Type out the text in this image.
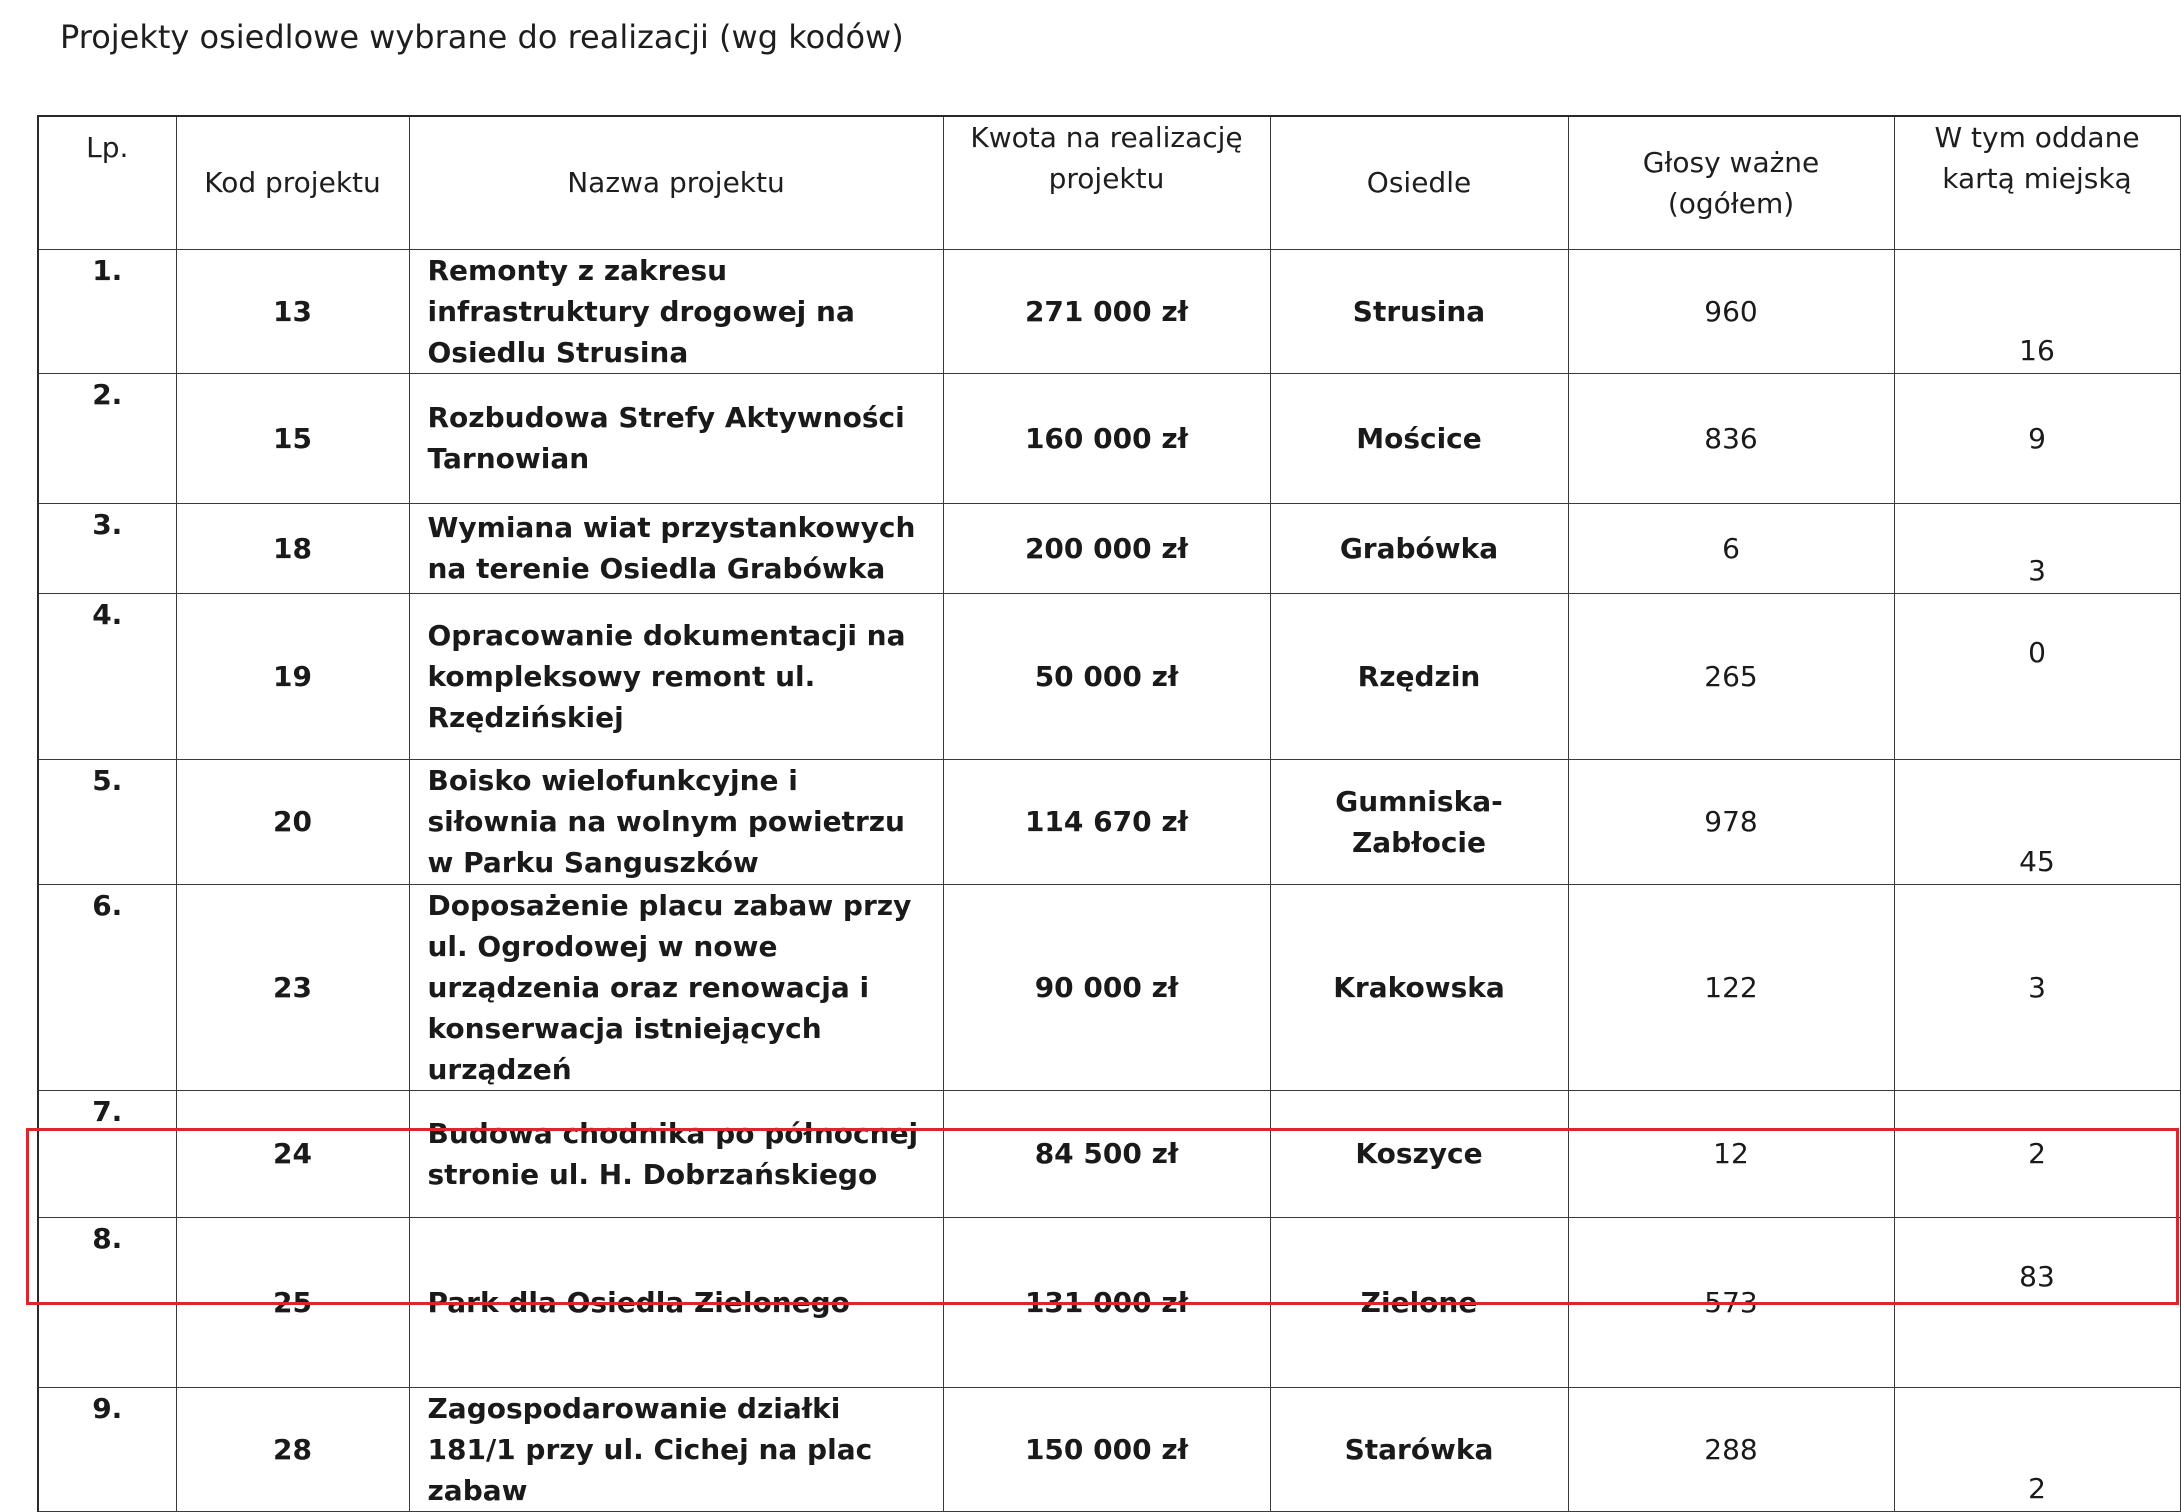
Projekty osiedlowe wybrane do realizacji (wg kodów)
Lp.	Kod projektu	Nazwa projektu	Kwota na realizację projektu	Osiedle	Głosy ważne (ogółem)	W tym oddane kartą miejską
1.	13	Remonty z zakresu infrastruktury drogowej na Osiedlu Strusina	271 000 zł	Strusina	960	16
2.	15	Rozbudowa Strefy Aktywności Tarnowian	160 000 zł	Mościce	836	9
3.	18	Wymiana wiat przystankowych na terenie Osiedla Grabówka	200 000 zł	Grabówka	6	3
4.	19	Opracowanie dokumentacji na kompleksowy remont ul. Rzędzińskiej	50 000 zł	Rzędzin	265	0
5.	20	Boisko wielofunkcyjne i siłownia na wolnym powietrzu w Parku Sanguszków	114 670 zł	Gumniska-Zabłocie	978	45
6.	23	Doposażenie placu zabaw przy ul. Ogrodowej w nowe urządzenia oraz renowacja i konserwacja istniejących urządzeń	90 000 zł	Krakowska	122	3
7.	24	Budowa chodnika po północnej stronie ul. H. Dobrzańskiego	84 500 zł	Koszyce	12	2
8.	25	Park dla Osiedla Zielonego	131 000 zł	Zielone	573	83
9.	28	Zagospodarowanie działki 181/1 przy ul. Cichej na plac zabaw	150 000 zł	Starówka	288	2
